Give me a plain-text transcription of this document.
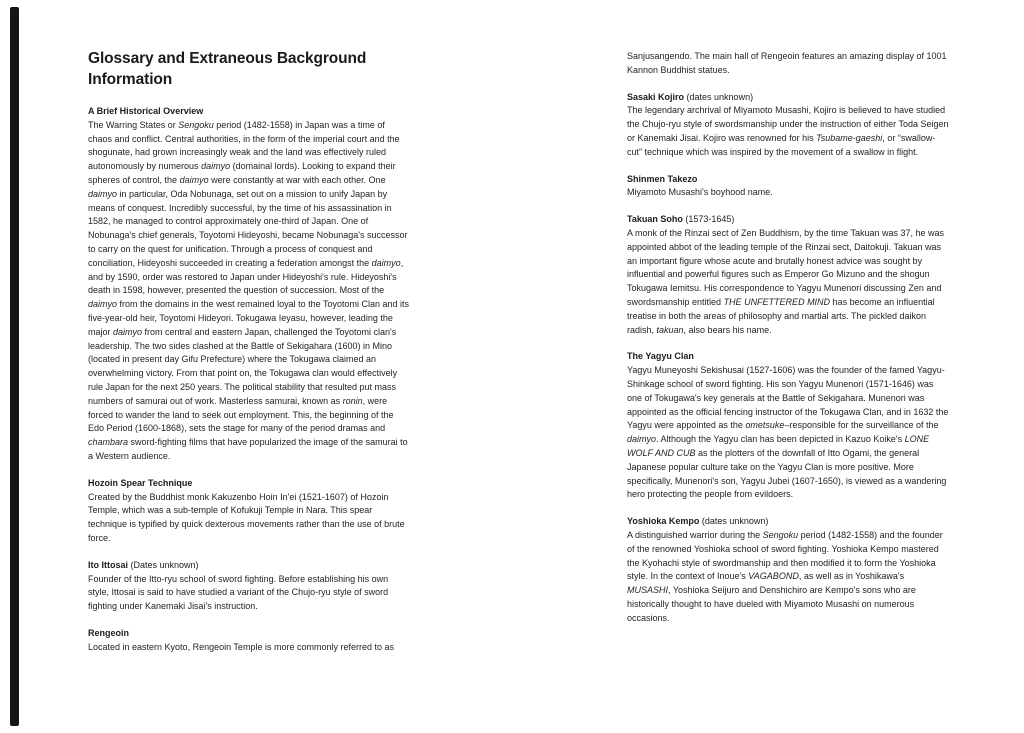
Glossary and Extraneous Background Information
A Brief Historical Overview

The Warring States or Sengoku period (1482-1558) in Japan was a time of chaos and conflict. Central authorities, in the form of the imperial court and the shogunate, had grown increasingly weak and the land was effectively ruled autonomously by numerous daimyo (domainal lords). Looking to expand their spheres of control, the daimyo were constantly at war with each other. One daimyo in particular, Oda Nobunaga, set out on a mission to unify Japan by means of conquest. Incredibly successful, by the time of his assassination in 1582, he managed to control approximately one-third of Japan. One of Nobunaga's chief generals, Toyotomi Hideyoshi, became Nobunaga's successor to carry on the quest for unification. Through a process of conquest and conciliation, Hideyoshi succeeded in creating a federation amongst the daimyo, and by 1590, order was restored to Japan under Hideyoshi's rule. Hideyoshi's death in 1598, however, presented the question of succession. Most of the daimyo from the domains in the west remained loyal to the Toyotomi Clan and its five-year-old heir, Toyotomi Hideyori. Tokugawa Ieyasu, however, leading the major daimyo from central and eastern Japan, challenged the Toyotomi clan's leadership. The two sides clashed at the Battle of Sekigahara (1600) in Mino (located in present day Gifu Prefecture) where the Tokugawa claimed an overwhelming victory. From that point on, the Tokugawa clan would effectively rule Japan for the next 250 years. The political stability that resulted put mass numbers of samurai out of work. Masterless samurai, known as ronin, were forced to wander the land to seek out employment. This, the beginning of the Edo Period (1600-1868), sets the stage for many of the period dramas and chambara sword-fighting films that have popularized the image of the samurai to a Western audience.

Hozoin Spear Technique

Created by the Buddhist monk Kakuzenbo Hoin In'ei (1521-1607) of Hozoin Temple, which was a sub-temple of Kofukuji Temple in Nara. This spear technique is typified by quick dexterous movements rather than the use of brute force.

Ito Ittosai (Dates unknown)

Founder of the Itto-ryu school of sword fighting. Before establishing his own style, Ittosai is said to have studied a variant of the Chujo-ryu style of sword fighting under Kanemaki Jisai's instruction.

Rengeoin

Located in eastern Kyoto, Rengeoin Temple is more commonly referred to as

Sanjusangendo. The main hall of Rengeoin features an amazing display of 1001 Kannon Buddhist statues.

Sasaki Kojiro (dates unknown)

The legendary archrival of Miyamoto Musashi, Kojiro is believed to have studied the Chujo-ryu style of swordsmanship under the instruction of either Toda Seigen or Kanemaki Jisai. Kojiro was renowned for his Tsubame-gaeshi, or “swallow-cut” technique which was inspired by the movement of a swallow in flight.

Shinmen Takezo

Miyamoto Musashi's boyhood name.

Takuan Soho (1573-1645)

A monk of the Rinzai sect of Zen Buddhism, by the time Takuan was 37, he was appointed abbot of the leading temple of the Rinzai sect, Daitokuji. Takuan was an important figure whose acute and brutally honest advice was sought by influential and powerful figures such as Emperor Go Mizuno and the shogun Tokugawa Iemitsu. His correspondence to Yagyu Munenori discussing Zen and swordsmanship entitled THE UNFETTERED MIND has become an influential treatise in both the areas of philosophy and martial arts. The pickled daikon radish, takuan, also bears his name.

The Yagyu Clan

Yagyu Muneyoshi Sekishusai (1527-1606) was the founder of the famed Yagyu-Shinkage school of sword fighting. His son Yagyu Munenori (1571-1646) was one of Tokugawa's key generals at the Battle of Sekigahara. Munenori was appointed as the official fencing instructor of the Tokugawa Clan, and in 1632 the Yagyu were appointed as the ometsuke–responsible for the surveillance of the daimyo. Although the Yagyu clan has been depicted in Kazuo Koike's LONE WOLF AND CUB as the plotters of the downfall of Itto Ogami, the general Japanese popular culture take on the Yagyu Clan is more positive. More specifically, Munenori's son, Yagyu Jubei (1607-1650), is viewed as a wandering hero protecting the people from evildoers.

Yoshioka Kempo (dates unknown)

A distinguished warrior during the Sengoku period (1482-1558) and the founder of the renowned Yoshioka school of sword fighting. Yoshioka Kempo mastered the Kyohachi style of swordmanship and then modified it to form the Yoshioka style. In the context of Inoue's VAGABOND, as well as in Yoshikawa's MUSASHI, Yoshioka Seijuro and Denshichiro are Kempo's sons who are historically thought to have dueled with Miyamoto Musashi on numerous occasions.
